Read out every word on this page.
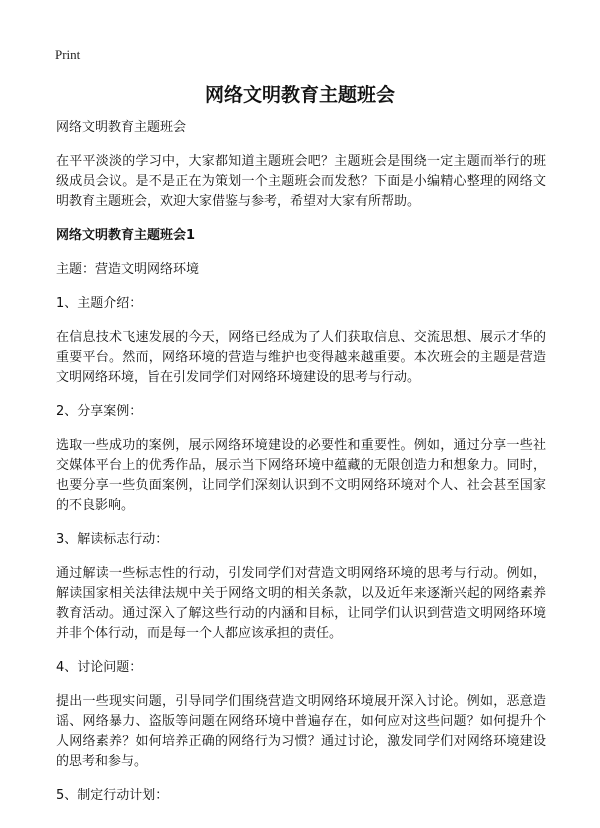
Print
网络文明教育主题班会

网络文明教育主题班会

在平平淡淡的学习中，大家都知道主题班会吧？主题班会是围绕一定主题而举行的班级成员会议。是不是正在为策划一个主题班会而发愁？下面是小编精心整理的网络文明教育主题班会，欢迎大家借鉴与参考，希望对大家有所帮助。

网络文明教育主题班会1

主题：营造文明网络环境

1、主题介绍：

在信息技术飞速发展的今天，网络已经成为了人们获取信息、交流思想、展示才华的重要平台。然而，网络环境的营造与维护也变得越来越重要。本次班会的主题是营造文明网络环境，旨在引发同学们对网络环境建设的思考与行动。

2、分享案例：

选取一些成功的案例，展示网络环境建设的必要性和重要性。例如，通过分享一些社交媒体平台上的优秀作品，展示当下网络环境中蕴藏的无限创造力和想象力。同时，也要分享一些负面案例，让同学们深刻认识到不文明网络环境对个人、社会甚至国家的不良影响。

3、解读标志行动：

通过解读一些标志性的行动，引发同学们对营造文明网络环境的思考与行动。例如，解读国家相关法律法规中关于网络文明的相关条款，以及近年来逐渐兴起的网络素养教育活动。通过深入了解这些行动的内涵和目标，让同学们认识到营造文明网络环境并非个体行动，而是每一个人都应该承担的责任。

4、讨论问题：

提出一些现实问题，引导同学们围绕营造文明网络环境展开深入讨论。例如，恶意造谣、网络暴力、盗版等问题在网络环境中普遍存在，如何应对这些问题？如何提升个人网络素养？如何培养正确的网络行为习惯？通过讨论，激发同学们对网络环境建设的思考和参与。

5、制定行动计划：
